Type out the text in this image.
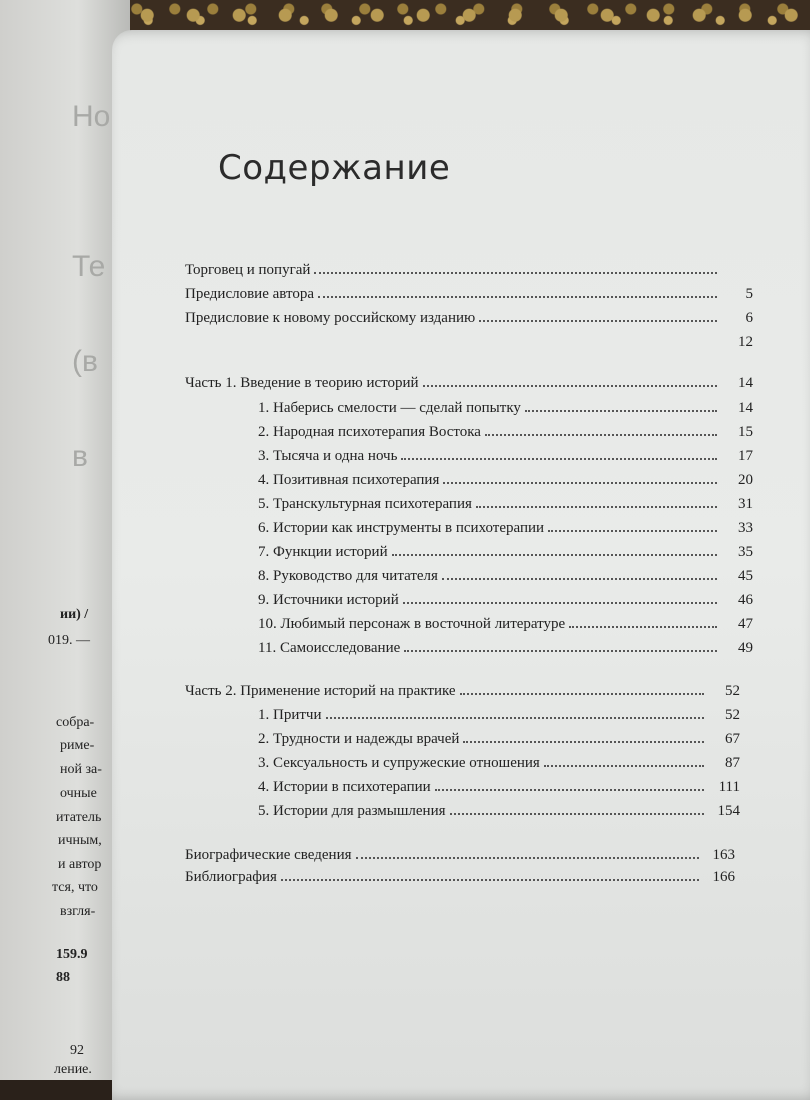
Но
Те
(в
в
ии) /
019. —
собра-
риме-
ной за-
очные
итатель
ичным,
и автор
тся, что
взгля-
159.9
88
92
ление.
Содержание
Торговец и попугай
Предисловие автора	5
Предисловие к новому российскому изданию	6
12
Часть 1. Введение в теорию историй	14
1. Наберись смелости — сделай попытку	14
2. Народная психотерапия Востока	15
3. Тысяча и одна ночь	17
4. Позитивная психотерапия	20
5. Транскультурная психотерапия	31
6. Истории как инструменты в психотерапии	33
7. Функции историй	35
8. Руководство для читателя	45
9. Источники историй	46
10. Любимый персонаж в восточной литературе	47
11. Самоисследование	49
Часть 2. Применение историй на практике	52
1. Притчи	52
2. Трудности и надежды врачей	67
3. Сексуальность и супружеские отношения	87
4. Истории в психотерапии	111
5. Истории для размышления	154
Биографические сведения	163
Библиография	166
